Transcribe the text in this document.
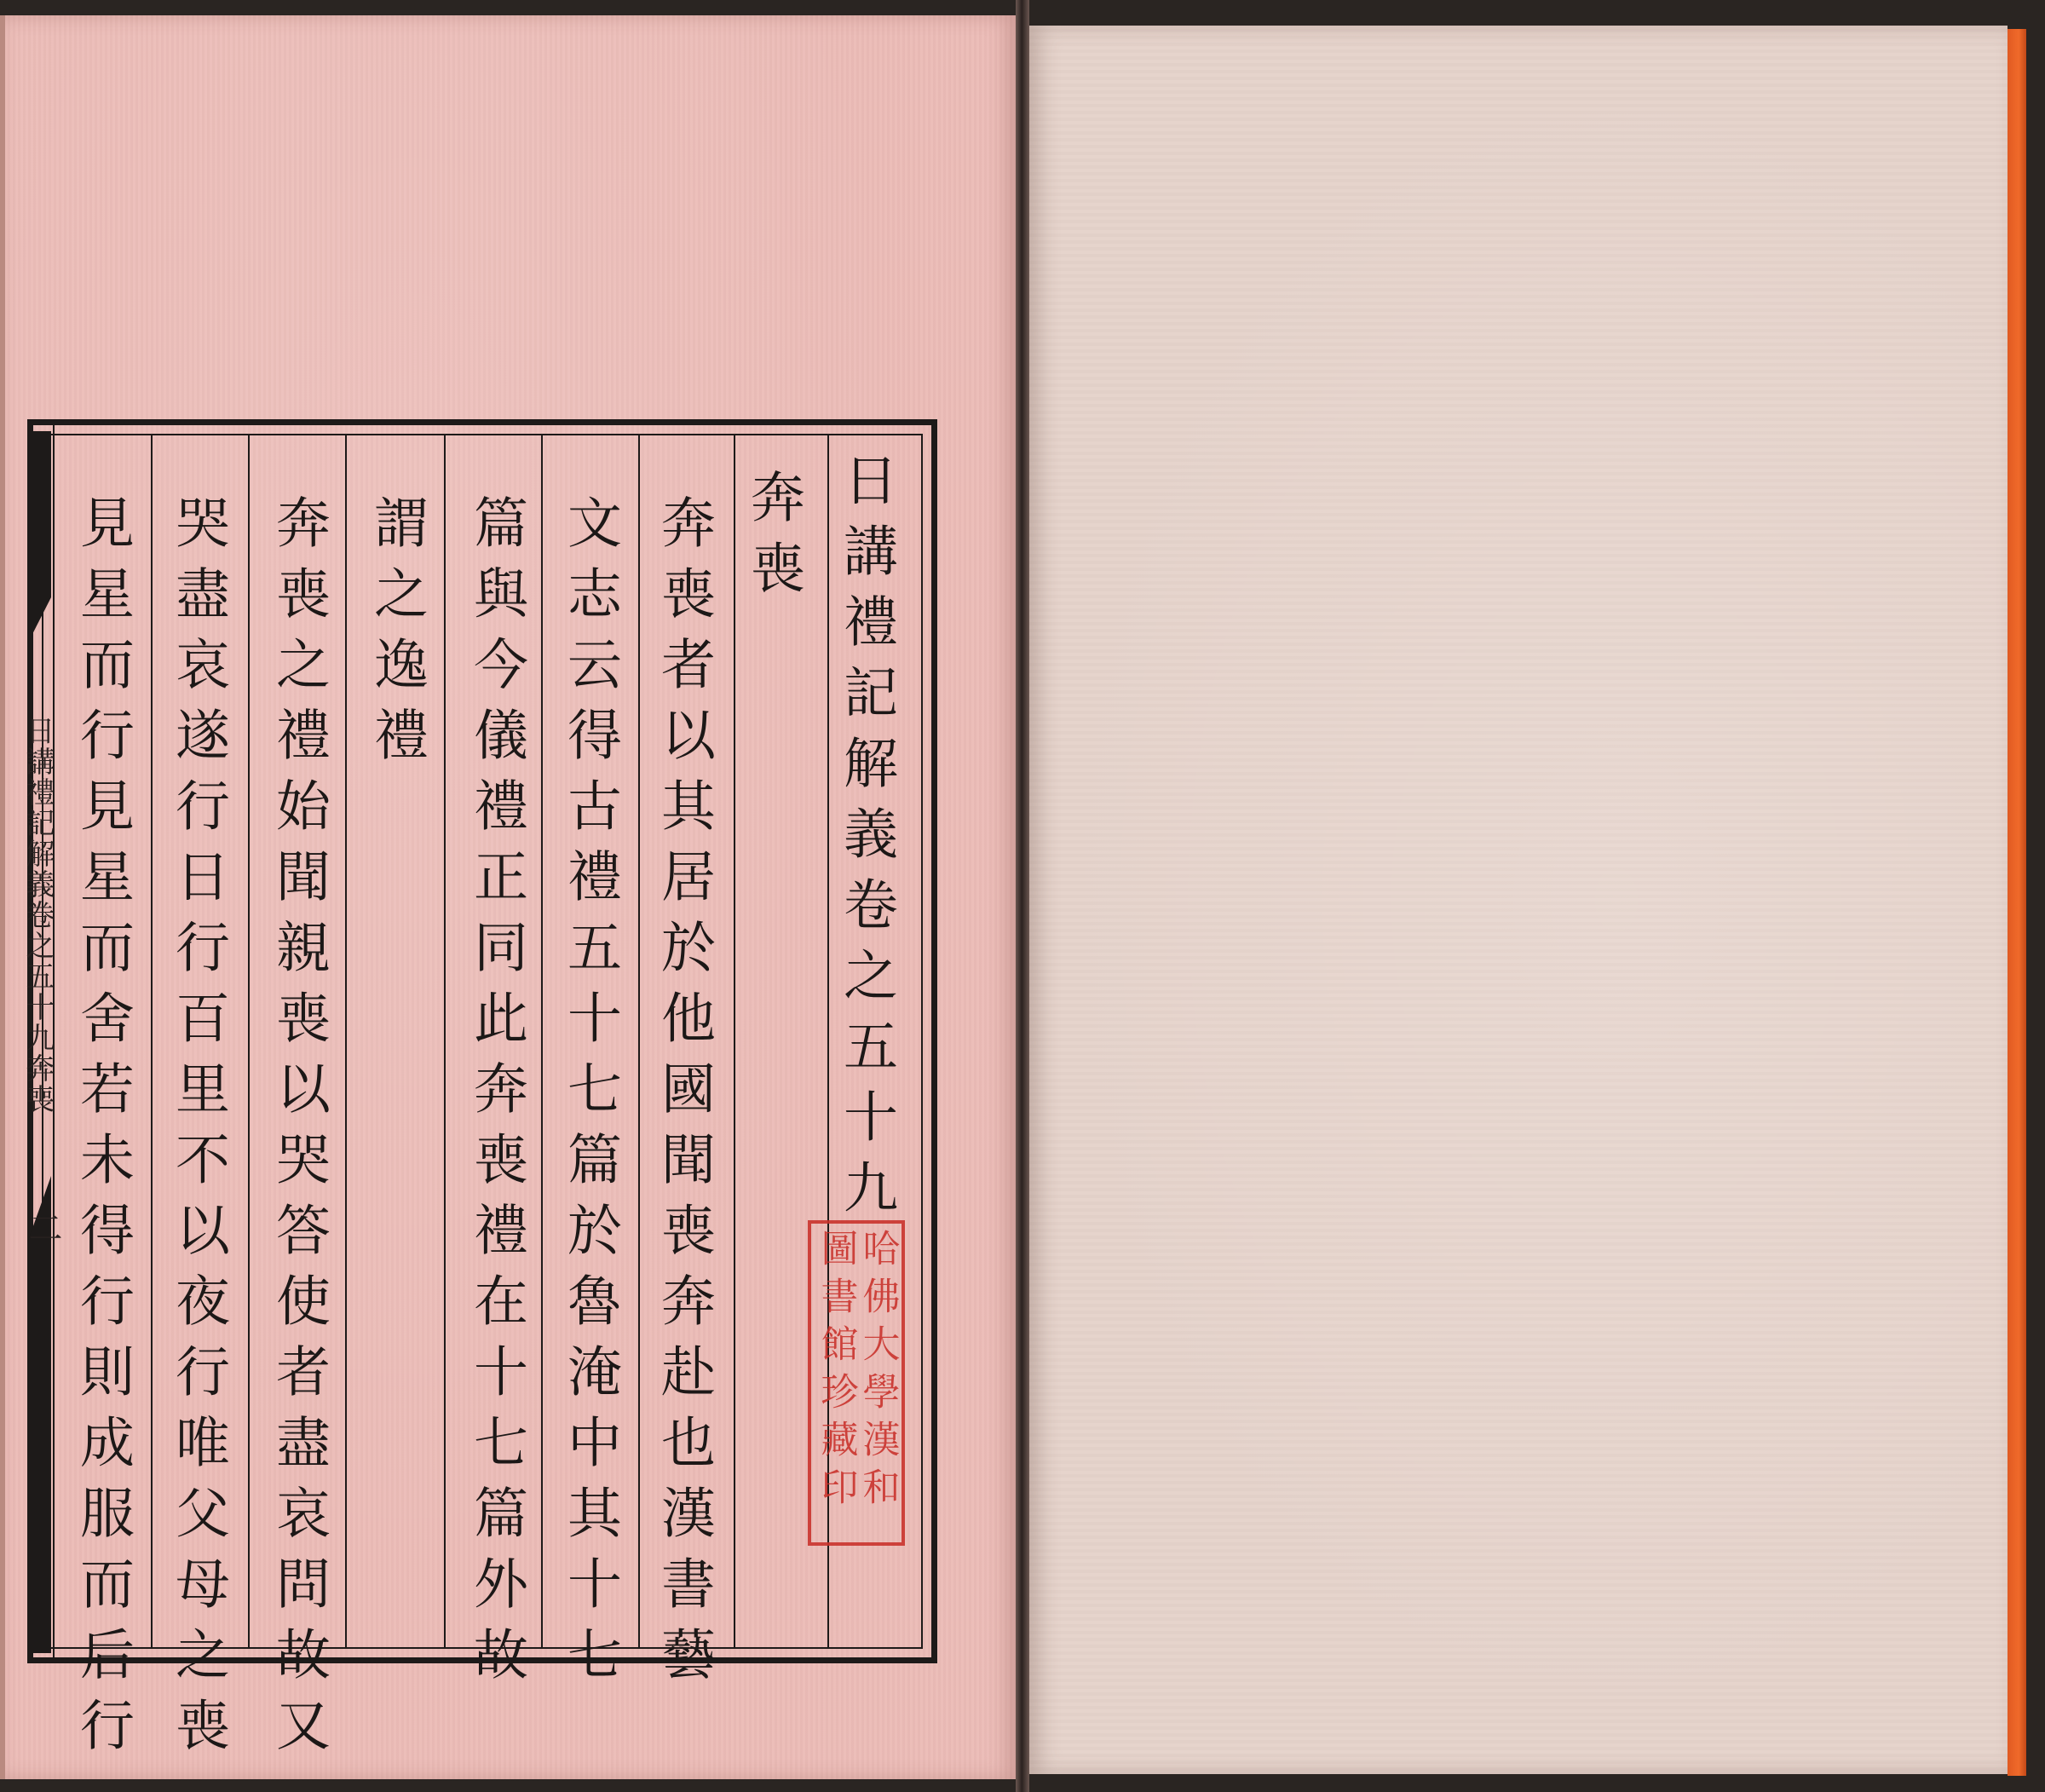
日講禮記解義卷之五十九奔喪
二	日講禮記解義卷之五十九
奔喪
奔喪者以其居於他國聞喪奔赴也漢書藝
文志云得古禮五十七篇於魯淹中其十七
篇與今儀禮正同此奔喪禮在十七篇外故
謂之逸禮
奔喪之禮始聞親喪以哭答使者盡哀問故又
哭盡哀遂行日行百里不以夜行唯父母之喪
見星而行見星而舍若未得行則成服而后行	哈佛大學漢和
圖書館珍藏印
